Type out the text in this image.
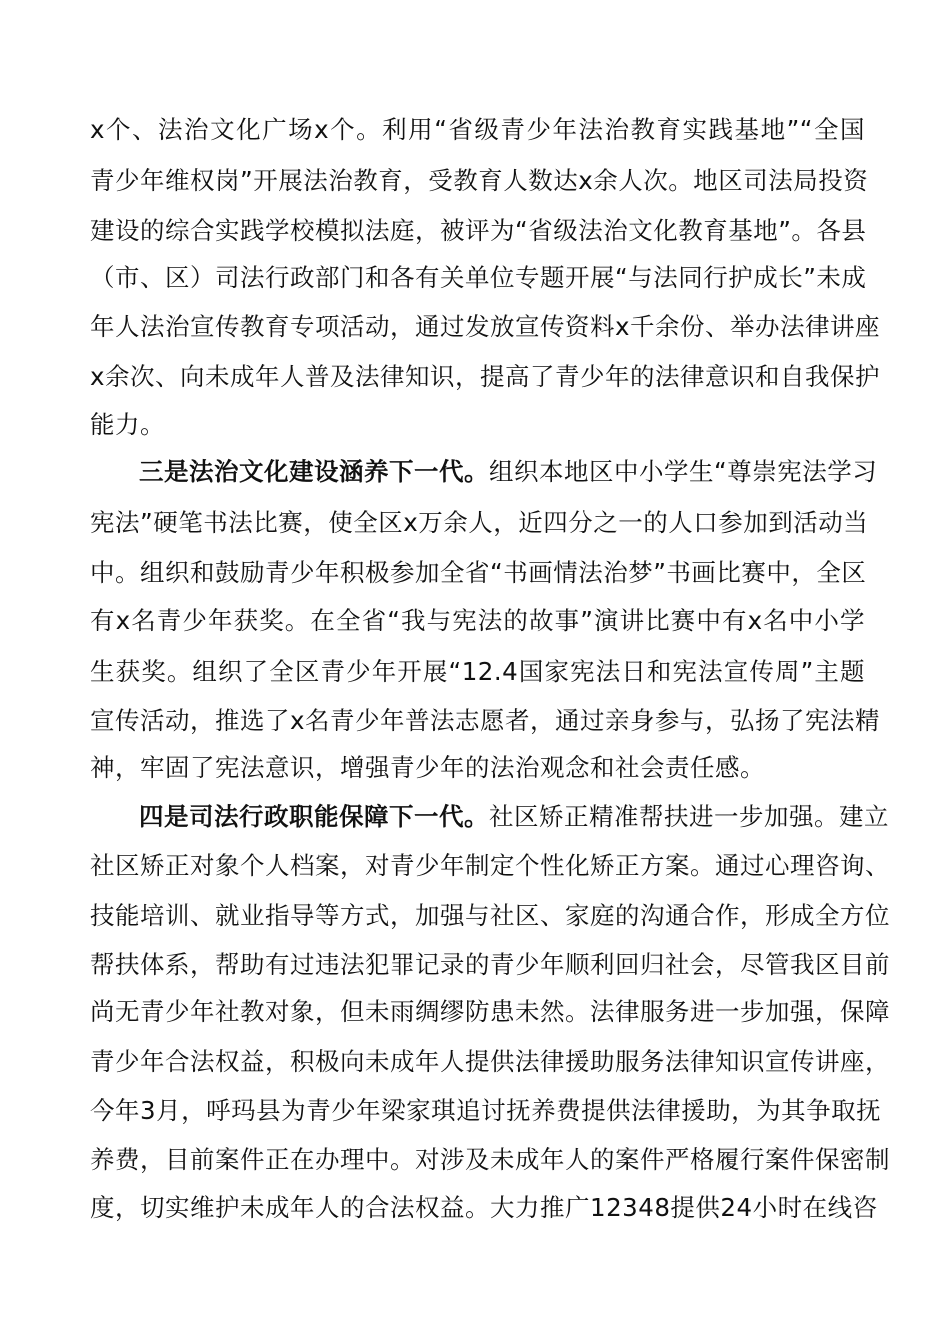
x个、法治文化广场x个。利用“省级青少年法治教育实践基地”“全国
青少年维权岗”开展法治教育，受教育人数达x余人次。地区司法局投资
建设的综合实践学校模拟法庭，被评为“省级法治文化教育基地”。各县
（市、区）司法行政部门和各有关单位专题开展“与法同行护成长”未成
年人法治宣传教育专项活动，通过发放宣传资料x千余份、举办法律讲座
x余次、向未成年人普及法律知识，提高了青少年的法律意识和自我保护
能力。
三是法治文化建设涵养下一代。组织本地区中小学生“尊崇宪法学习
宪法”硬笔书法比赛，使全区x万余人，近四分之一的人口参加到活动当
中。组织和鼓励青少年积极参加全省“书画情法治梦”书画比赛中，全区
有x名青少年获奖。在全省“我与宪法的故事”演讲比赛中有x名中小学
生获奖。组织了全区青少年开展“12.4国家宪法日和宪法宣传周”主题
宣传活动，推选了x名青少年普法志愿者，通过亲身参与，弘扬了宪法精
神，牢固了宪法意识，增强青少年的法治观念和社会责任感。
四是司法行政职能保障下一代。社区矫正精准帮扶进一步加强。建立
社区矫正对象个人档案，对青少年制定个性化矫正方案。通过心理咨询、
技能培训、就业指导等方式，加强与社区、家庭的沟通合作，形成全方位
帮扶体系，帮助有过违法犯罪记录的青少年顺利回归社会，尽管我区目前
尚无青少年社教对象，但未雨绸缪防患未然。法律服务进一步加强，保障
青少年合法权益，积极向未成年人提供法律援助服务法律知识宣传讲座，
今年3月，呼玛县为青少年梁家琪追讨抚养费提供法律援助，为其争取抚
养费，目前案件正在办理中。对涉及未成年人的案件严格履行案件保密制
度，切实维护未成年人的合法权益。大力推广12348提供24小时在线咨
